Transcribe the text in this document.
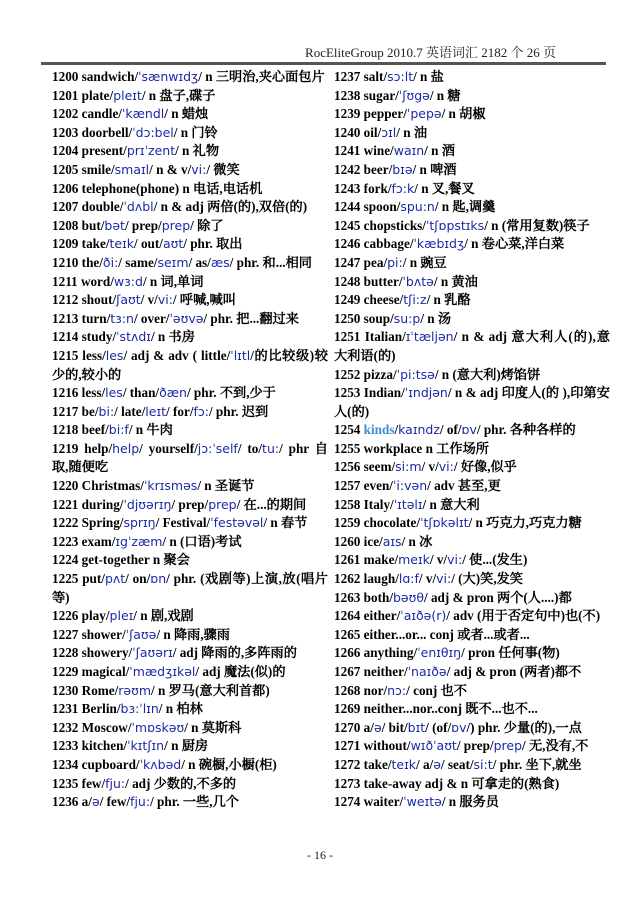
RocEliteGroup 2010.7 英语词汇 2182 个 26 页
1200 sandwich/ˈsænwɪdʒ/ n 三明治,夹心面包片
1201 plate/pleɪt/ n 盘子,碟子
1202 candle/ˈkændl/ n 蜡烛
1203 doorbell/ˈdɔ:bel/ n 门铃
1204 present/prɪˈzent/ n 礼物
1205 smile/smaɪl/ n & v/vi:/ 微笑
1206 telephone(phone) n 电话,电话机
1207 double/ˈdʌbl/ n & adj 两倍(的),双倍(的)
1208 but/bət/ prep/prep/ 除了
1209 take/teɪk/ out/aʊt/ phr. 取出
1210 the/ði:/ same/seɪm/ as/æs/ phr. 和...相同
1211 word/wɜ:d/ n 词,单词
1212 shout/ʃaʊt/ v/vi:/ 呼喊,喊叫
1213 turn/tɜ:n/ over/ˈəʊvə/ phr. 把...翻过来
1214 study/ˈstʌdɪ/ n 书房
1215 less/les/ adj & adv ( little/ˈlɪtl/的比较级)较少的,较小的
1216 less/les/ than/ðæn/ phr. 不到,少于
1217 be/bi:/ late/leɪt/ for/fɔ:/ phr. 迟到
1218 beef/bi:f/ n 牛肉
1219 help/help/ yourself/jɔ:ˈself/ to/tu:/ phr 自取,随便吃
1220 Christmas/ˈkrɪsməs/ n 圣诞节
1221 during/ˈdjʊərɪŋ/ prep/prep/ 在...的期间
1222 Spring/sprɪŋ/ Festival/ˈfestəvəl/ n 春节
1223 exam/ɪgˈzæm/ n (口语)考试
1224 get-together n 聚会
1225 put/pʌt/ on/ɒn/ phr. (戏剧等)上演,放(唱片等)
1226 play/pleɪ/ n 剧,戏剧
1227 shower/ˈʃaʊə/ n 降雨,骤雨
1228 showery/ˈʃaʊərɪ/ adj 降雨的,多阵雨的
1229 magical/ˈmædʒɪkəl/ adj 魔法(似)的
1230 Rome/rəʊm/ n 罗马(意大利首都)
1231 Berlin/bɜ:ˈlɪn/ n 柏林
1232 Moscow/ˈmɒskəʊ/ n 莫斯科
1233 kitchen/ˈkɪtʃɪn/ n 厨房
1234 cupboard/ˈkʌbəd/ n 碗橱,小橱(柜)
1235 few/fju:/ adj 少数的,不多的
1236 a/ə/ few/fju:/ phr. 一些,几个
1237 salt/sɔ:lt/ n 盐
1238 sugar/ˈʃʊgə/ n 糖
1239 pepper/ˈpepə/ n 胡椒
1240 oil/ɔɪl/ n 油
1241 wine/waɪn/ n 酒
1242 beer/bɪə/ n 啤酒
1243 fork/fɔ:k/ n 叉,餐叉
1244 spoon/spu:n/ n 匙,调羹
1245 chopsticks/ˈtʃɒpstɪks/ n (常用复数)筷子
1246 cabbage/ˈkæbɪdʒ/ n 卷心菜,洋白菜
1247 pea/pi:/ n 豌豆
1248 butter/ˈbʌtə/ n 黄油
1249 cheese/tʃi:z/ n 乳酪
1250 soup/su:p/ n 汤
1251 Italian/ɪˈtæljən/ n & adj 意大利人(的),意大利语(的)
1252 pizza/ˈpi:tsə/ n (意大利)烤馅饼
1253 Indian/ˈɪndjən/ n & adj 印度人(的 ),印第安人(的)
1254 kinds/kaɪndz/ of/ɒv/ phr. 各种各样的
1255 workplace n 工作场所
1256 seem/si:m/ v/vi:/ 好像,似乎
1257 even/ˈi:vən/ adv 甚至,更
1258 Italy/ˈɪtəlɪ/ n 意大利
1259 chocolate/ˈtʃɒkəlɪt/ n 巧克力,巧克力糖
1260 ice/aɪs/ n 冰
1261 make/meɪk/ v/vi:/ 使...(发生)
1262 laugh/lɑ:f/ v/vi:/ (大)笑,发笑
1263 both/bəʊθ/ adj & pron 两个(人....)都
1264 either/ˈaɪðə(r)/ adv (用于否定句中)也(不)
1265 either...or... conj 或者...或者...
1266 anything/ˈenɪθɪŋ/ pron 任何事(物)
1267 neither/ˈnaɪðə/ adj & pron (两者)都不
1268 nor/nɔ:/ conj 也不
1269 neither...nor..conj 既不...也不...
1270 a/ə/ bit/bɪt/ (of/ɒv/) phr. 少量(的),一点
1271 without/wɪðˈaʊt/ prep/prep/ 无,没有,不
1272 take/teɪk/ a/ə/ seat/si:t/ phr. 坐下,就坐
1273 take-away adj & n 可拿走的(熟食)
1274 waiter/ˈweɪtə/ n 服务员
- 16 -
